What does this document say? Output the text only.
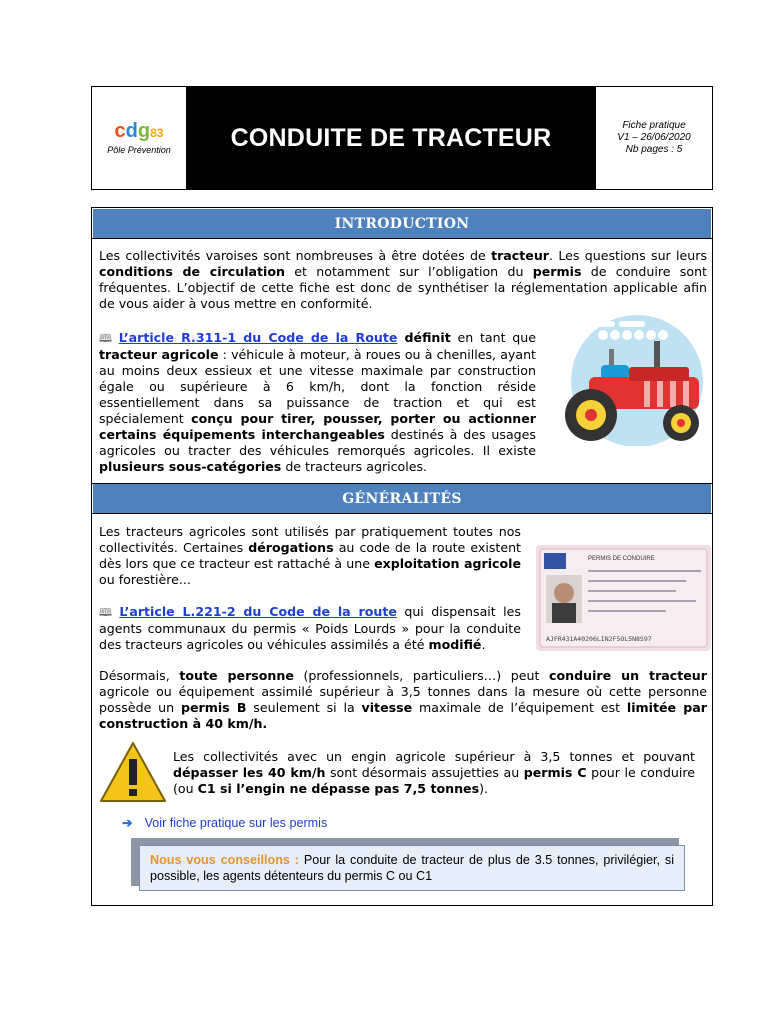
cdg83
Pôle Prévention CONDUITE DE TRACTEUR	Fiche pratique
V1 – 26/06/2020
Nb pages : 5
INTRODUCTION
Les collectivités varoises sont nombreuses à être dotées de tracteur. Les questions sur leurs conditions de circulation et notamment sur l’obligation du permis de conduire sont fréquentes. L’objectif de cette fiche est donc de synthétiser la réglementation applicable afin de vous aider à vous mettre en conformité.
🕮 L’article R.311-1 du Code de la Route définit en tant que tracteur agricole : véhicule à moteur, à roues ou à chenilles, ayant au moins deux essieux et une vitesse maximale par construction égale ou supérieure à 6 km/h, dont la fonction réside essentiellement dans sa puissance de traction et qui est spécialement conçu pour tirer, pousser, porter ou actionner certains équipements interchangeables destinés à des usages agricoles ou tracter des véhicules remorqués agricoles. Il existe plusieurs sous-catégories de tracteurs agricoles.
GÉNÉRALITÉS
Les tracteurs agricoles sont utilisés par pratiquement toutes nos collectivités. Certaines dérogations au code de la route existent dès lors que ce tracteur est rattaché à une exploitation agricole ou forestière...
🕮 L’article L.221-2 du Code de la route qui dispensait les agents communaux du permis « Poids Lourds » pour la conduite des tracteurs agricoles ou véhicules assimilés a été modifié.
PERMIS DE CONDUIRE
AJFR431A40206LIN2F5OL5N8S97
Désormais, toute personne (professionnels, particuliers…) peut conduire un tracteur agricole ou équipement assimilé supérieur à 3,5 tonnes dans la mesure où cette personne possède un permis B seulement si la vitesse maximale de l’équipement est limitée par construction à 40 km/h.
Les collectivités avec un engin agricole supérieur à 3,5 tonnes et pouvant dépasser les 40 km/h sont désormais assujetties au permis C pour le conduire (ou C1 si l’engin ne dépasse pas 7,5 tonnes).
➔ Voir fiche pratique sur les permis
Nous vous conseillons : Pour la conduite de tracteur de plus de 3.5 tonnes, privilégier, si possible, les agents détenteurs du permis C ou C1
